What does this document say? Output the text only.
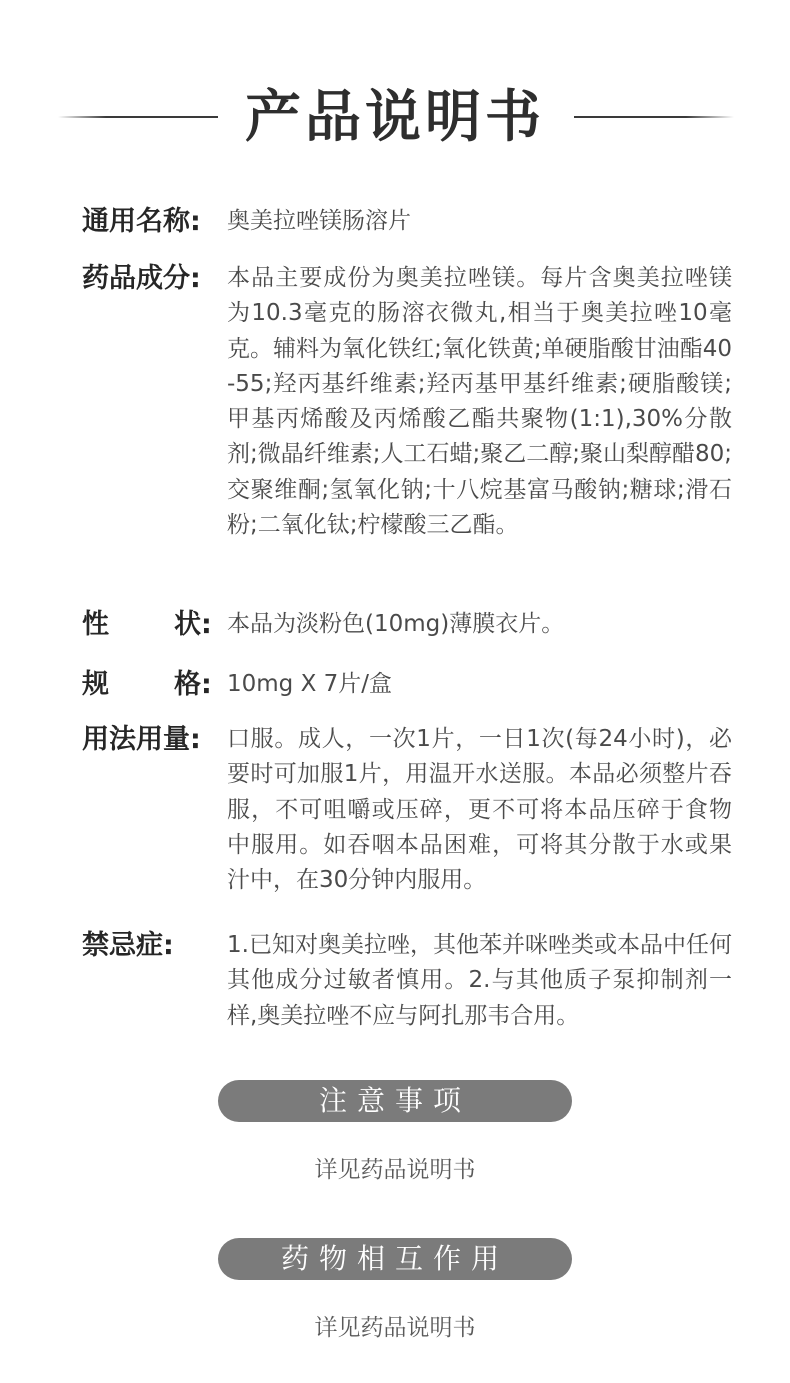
产品说明书
通用名称:	奥美拉唑镁肠溶片
药品成分:	本品主要成份为奥美拉唑镁。每片含奥美拉唑镁为10.3毫克的肠溶衣微丸,相当于奥美拉唑10毫克。辅料为氧化铁红;氧化铁黄;单硬脂酸甘油酯40-55;羟丙基纤维素;羟丙基甲基纤维素;硬脂酸镁;甲基丙烯酸及丙烯酸乙酯共聚物(1:1),30%分散剂;微晶纤维素;人工石蜡;聚乙二醇;聚山梨醇醋80;交聚维酮;氢氧化钠;十八烷基富马酸钠;糖球;滑石粉;二氧化钛;柠檬酸三乙酯。
性	状: 本品为淡粉色(10mg)薄膜衣片。
规	格: 10mg X 7片/盒
用法用量:	口服。成人，一次1片，一日1次(每24小时)，必要时可加服1片，用温开水送服。本品必须整片吞服，不可咀嚼或压碎，更不可将本品压碎于食物中服用。如吞咽本品困难，可将其分散于水或果汁中，在30分钟内服用。
禁忌症:	1.已知对奥美拉唑，其他苯并咪唑类或本品中任何其他成分过敏者慎用。2.与其他质子泵抑制剂一样,奥美拉唑不应与阿扎那韦合用。
注意事项
详见药品说明书
药物相互作用
详见药品说明书
